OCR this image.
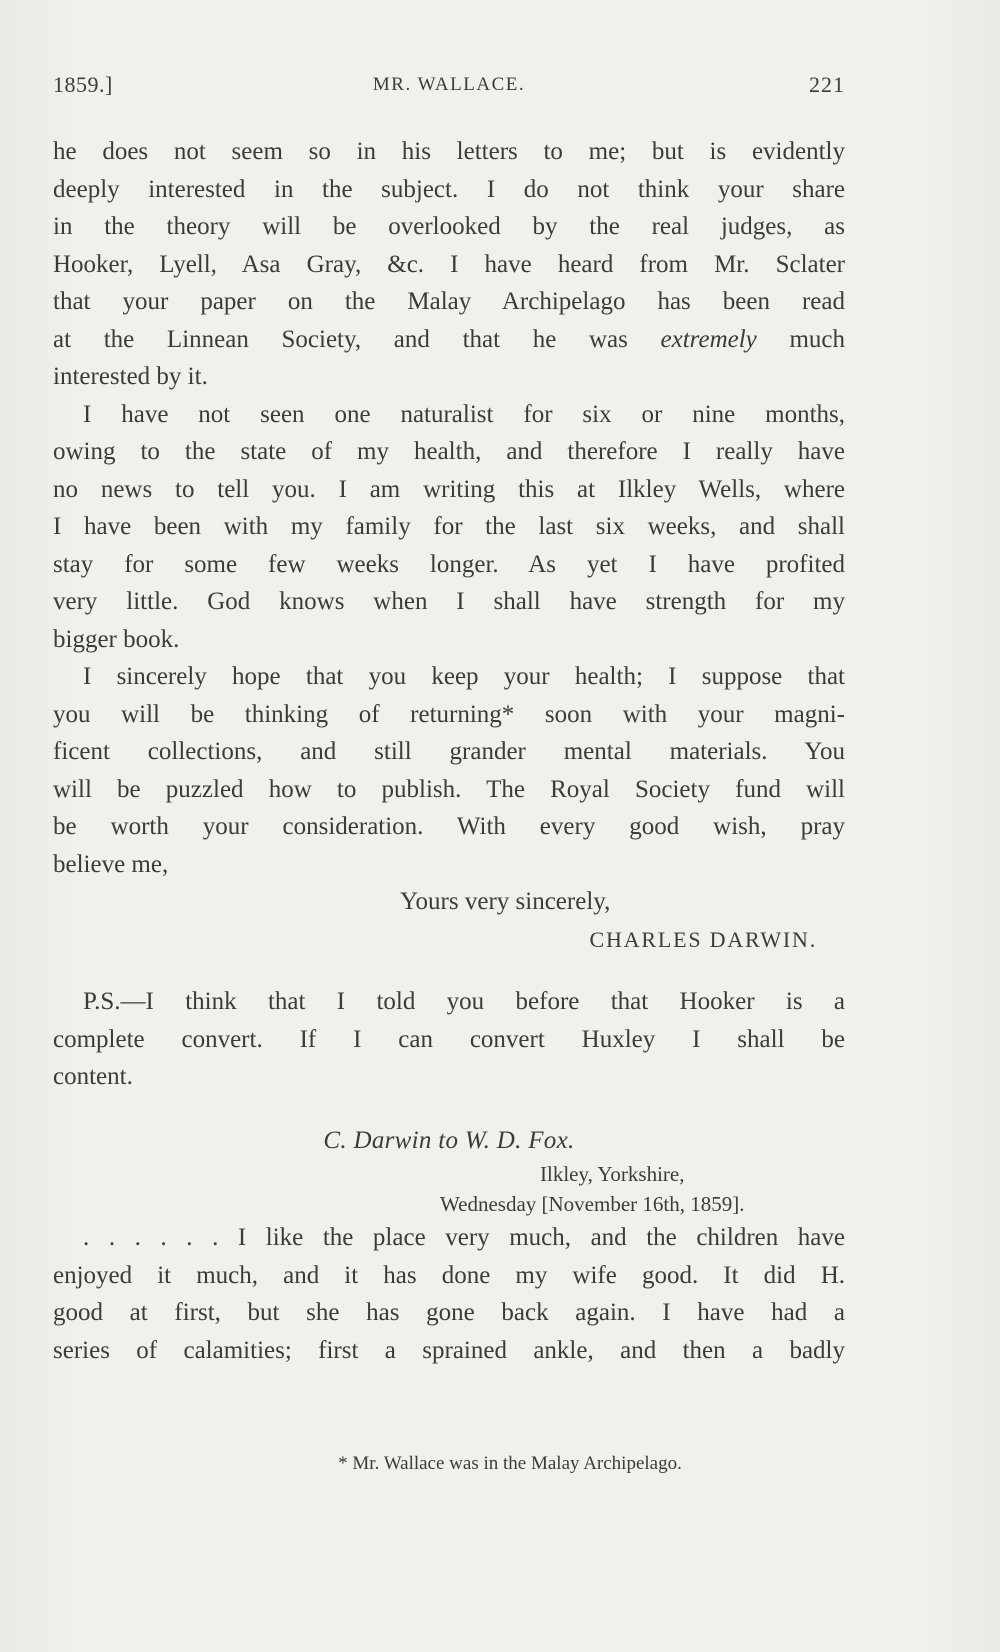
1859.]	MR. WALLACE.	221
he does not seem so in his letters to me; but is evidently
deeply interested in the subject. I do not think your share
in the theory will be overlooked by the real judges, as
Hooker, Lyell, Asa Gray, &c. I have heard from Mr. Sclater
that your paper on the Malay Archipelago has been read
at the Linnean Society, and that he was extremely much
interested by it.
I have not seen one naturalist for six or nine months,
owing to the state of my health, and therefore I really have
no news to tell you. I am writing this at Ilkley Wells, where
I have been with my family for the last six weeks, and shall
stay for some few weeks longer. As yet I have profited
very little. God knows when I shall have strength for my
bigger book.
I sincerely hope that you keep your health; I suppose that
you will be thinking of returning* soon with your magni-
ficent collections, and still grander mental materials. You
will be puzzled how to publish. The Royal Society fund will
be worth your consideration. With every good wish, pray
believe me,
Yours very sincerely,
CHARLES DARWIN.
P.S.—I think that I told you before that Hooker is a
complete convert. If I can convert Huxley I shall be
content.
C. Darwin to W. D. Fox.
Ilkley, Yorkshire,
Wednesday [November 16th, 1859].
. . . . . . I like the place very much, and the children have
enjoyed it much, and it has done my wife good. It did H.
good at first, but she has gone back again. I have had a
series of calamities; first a sprained ankle, and then a badly
* Mr. Wallace was in the Malay Archipelago.
